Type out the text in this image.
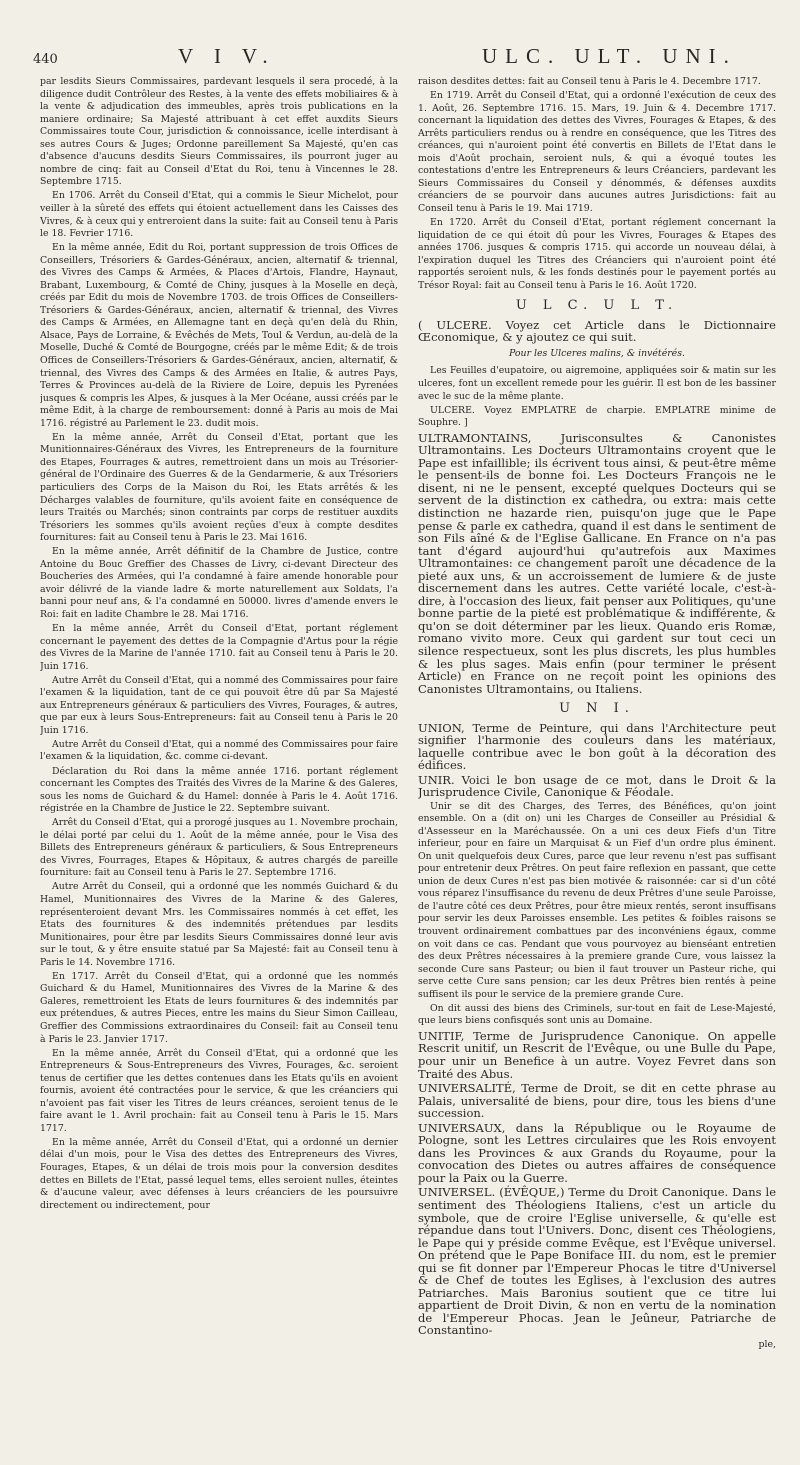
440	V I V.	ULC. ULT. UNI.

par lesdits Sieurs Commissaires, pardevant lesquels il sera procedé, à la diligence dudit Contrôleur des Restes, à la vente des effets mobiliaires & à la vente & adjudication des immeubles, après trois publications en la maniere ordinaire; Sa Majesté attribuant à cet effet auxdits Sieurs Commissaires toute Cour, jurisdiction & connoissance, icelle interdisant à ses autres Cours & Juges; Ordonne pareillement Sa Majesté, qu'en cas d'absence d'aucuns desdits Sieurs Commissaires, ils pourront juger au nombre de cinq: fait au Conseil d'Etat du Roi, tenu à Vincennes le 28. Septembre 1715.

En 1706. Arrêt du Conseil d'Etat, qui a commis le Sieur Michelot, pour veiller à la sûreté des effets qui étoient actuellement dans les Caisses des Vivres, & à ceux qui y entreroient dans la suite: fait au Conseil tenu à Paris le 18. Fevrier 1716.

En la même année, Edit du Roi, portant suppression de trois Offices de Conseillers, Trésoriers & Gardes-Généraux, ancien, alternatif & triennal, des Vivres des Camps & Armées, & Places d'Artois, Flandre, Haynaut, Brabant, Luxembourg, & Comté de Chiny, jusques à la Moselle en deçà, créés par Edit du mois de Novembre 1703. de trois Offices de Conseillers-Trésoriers & Gardes-Généraux, ancien, alternatif & triennal, des Vivres des Camps & Armées, en Allemagne tant en deçà qu'en delà du Rhin, Alsace, Pays de Lorraine, & Evêchés de Mets, Toul & Verdun, au-delà de la Moselle, Duché & Comté de Bourgogne, créés par le même Edit; & de trois Offices de Conseillers-Trésoriers & Gardes-Généraux, ancien, alternatif, & triennal, des Vivres des Camps & des Armées en Italie, & autres Pays, Terres & Provinces au-delà de la Riviere de Loire, depuis les Pyrenées jusques & compris les Alpes, & jusques à la Mer Océane, aussi créés par le même Edit, à la charge de remboursement: donné à Paris au mois de Mai 1716. régistré au Parlement le 23. dudit mois.

En la même année, Arrêt du Conseil d'Etat, portant que les Munitionnaires-Généraux des Vivres, les Entrepreneurs de la fourniture des Etapes, Fourrages & autres, remettroient dans un mois au Trésorier-général de l'Ordinaire des Guerres & de la Gendarmerie, & aux Trésoriers particuliers des Corps de la Maison du Roi, les Etats arrêtés & les Décharges valables de fourniture, qu'ils avoient faite en conséquence de leurs Traités ou Marchés; sinon contraints par corps de restituer auxdits Trésoriers les sommes qu'ils avoient reçûes d'eux à compte desdites fournitures: fait au Conseil tenu à Paris le 23. Mai 1616.

En la même année, Arrêt définitif de la Chambre de Justice, contre Antoine du Bouc Greffier des Chasses de Livry, ci-devant Directeur des Boucheries des Armées, qui l'a condamné à faire amende honorable pour avoir délivré de la viande ladre & morte naturellement aux Soldats, l'a banni pour neuf ans, & l'a condamné en 50000. livres d'amende envers le Roi: fait en ladite Chambre le 28. Mai 1716.

En la même année, Arrêt du Conseil d'Etat, portant réglement concernant le payement des dettes de la Compagnie d'Artus pour la régie des Vivres de la Marine de l'année 1710. fait au Conseil tenu à Paris le 20. Juin 1716.

Autre Arrêt du Conseil d'Etat, qui a nommé des Commissaires pour faire l'examen & la liquidation, tant de ce qui pouvoit être dû par Sa Majesté aux Entrepreneurs généraux & particuliers des Vivres, Fourages, & autres, que par eux à leurs Sous-Entrepreneurs: fait au Conseil tenu à Paris le 20 Juin 1716.

Autre Arrêt du Conseil d'Etat, qui a nommé des Commissaires pour faire l'examen & la liquidation, &c. comme ci-devant.

Déclaration du Roi dans la même année 1716. portant réglement concernant les Comptes des Traités des Vivres de la Marine & des Galeres, sous les noms de Guichard & du Hamel: donnée à Paris le 4. Août 1716. régistrée en la Chambre de Justice le 22. Septembre suivant.

Arrêt du Conseil d'Etat, qui a prorogé jusques au 1. Novembre prochain, le délai porté par celui du 1. Août de la même année, pour le Visa des Billets des Entrepreneurs généraux & particuliers, & Sous Entrepreneurs des Vivres, Fourrages, Etapes & Hôpitaux, & autres chargés de pareille fourniture: fait au Conseil tenu à Paris le 27. Septembre 1716.

Autre Arrêt du Conseil, qui a ordonné que les nommés Guichard & du Hamel, Munitionnaires des Vivres de la Marine & des Galeres, représenteroient devant Mrs. les Commissaires nommés à cet effet, les Etats des fournitures & des indemnités prétendues par lesdits Munitionaires, pour être par lesdits Sieurs Commissaires donné leur avis sur le tout, & y être ensuite statué par Sa Majesté: fait au Conseil tenu à Paris le 14. Novembre 1716.

En 1717. Arrêt du Conseil d'Etat, qui a ordonné que les nommés Guichard & du Hamel, Munitionnaires des Vivres de la Marine & des Galeres, remettroient les Etats de leurs fournitures & des indemnités par eux prétendues, & autres Pieces, entre les mains du Sieur Simon Cailleau, Greffier des Commissions extraordinaires du Conseil: fait au Conseil tenu à Paris le 23. Janvier 1717.

En la même année, Arrêt du Conseil d'Etat, qui a ordonné que les Entrepreneurs & Sous-Entrepreneurs des Vivres, Fourages, &c. seroient tenus de certifier que les dettes contenues dans les Etats qu'ils en avoient fournis, avoient été contractées pour le service, & que les créanciers qui n'avoient pas fait viser les Titres de leurs créances, seroient tenus de le faire avant le 1. Avril prochain: fait au Conseil tenu à Paris le 15. Mars 1717.

En la même année, Arrêt du Conseil d'Etat, qui a ordonné un dernier délai d'un mois, pour le Visa des dettes des Entrepreneurs des Vivres, Fourages, Etapes, & un délai de trois mois pour la conversion desdites dettes en Billets de l'Etat, passé lequel tems, elles seroient nulles, éteintes & d'aucune valeur, avec défenses à leurs créanciers de les poursuivre directement ou indirectement, pour

raison desdites dettes: fait au Conseil tenu à Paris le 4. Decembre 1717.

En 1719. Arrêt du Conseil d'Etat, qui a ordonné l'exécution de ceux des 1. Août, 26. Septembre 1716. 15. Mars, 19. Juin & 4. Decembre 1717. concernant la liquidation des dettes des Vivres, Fourages & Etapes, & des Arrêts particuliers rendus ou à rendre en conséquence, que les Titres des créances, qui n'auroient point été convertis en Billets de l'Etat dans le mois d'Août prochain, seroient nuls, & qui a évoqué toutes les contestations d'entre les Entrepreneurs & leurs Créanciers, pardevant les Sieurs Commissaires du Conseil y dénommés, & défenses auxdits créanciers de se pourvoir dans aucunes autres Jurisdictions: fait au Conseil tenu à Paris le 19. Mai 1719.

En 1720. Arrêt du Conseil d'Etat, portant réglement concernant la liquidation de ce qui étoit dû pour les Vivres, Fourages & Etapes des années 1706. jusques & compris 1715. qui accorde un nouveau délai, à l'expiration duquel les Titres des Créanciers qui n'auroient point été rapportés seroient nuls, & les fonds destinés pour le payement portés au Trésor Royal: fait au Conseil tenu à Paris le 16. Août 1720.

U L C. U L T.

( ULCERE. Voyez cet Article dans le Dictionnaire Œconomique, & y ajoutez ce qui suit.

Pour les Ulceres malins, & invétérés.

Les Feuilles d'eupatoire, ou aigremoine, appliquées soir & matin sur les ulceres, font un excellent remede pour les guérir. Il est bon de les bassiner avec le suc de la même plante.

ULCERE. Voyez EMPLATRE de charpie. EMPLATRE minime de Souphre. ]

ULTRAMONTAINS, Jurisconsultes & Canonistes Ultramontains. Les Docteurs Ultramontains croyent que le Pape est infaillible; ils écrivent tous ainsi, & peut-être même le pensent-ils de bonne foi. Les Docteurs François ne le disent, ni ne le pensent, excepté quelques Docteurs qui se servent de la distinction ex cathedra, ou extra: mais cette distinction ne hazarde rien, puisqu'on juge que le Pape pense & parle ex cathedra, quand il est dans le sentiment de son Fils aîné & de l'Eglise Gallicane. En France on n'a pas tant d'égard aujourd'hui qu'autrefois aux Maximes Ultramontaines: ce changement paroît une décadence de la pieté aux uns, & un accroissement de lumiere & de juste discernement dans les autres. Cette variété locale, c'est-à-dire, à l'occasion des lieux, fait penser aux Politiques, qu'une bonne partie de la pieté est problématique & indifférente, & qu'on se doit déterminer par les lieux. Quando eris Romæ, romano vivito more. Ceux qui gardent sur tout ceci un silence respectueux, sont les plus discrets, les plus humbles & les plus sages. Mais enfin (pour terminer le présent Article) en France on ne reçoit point les opinions des Canonistes Ultramontains, ou Italiens.

U N I.

UNION, Terme de Peinture, qui dans l'Architecture peut signifier l'harmonie des couleurs dans les matériaux, laquelle contribue avec le bon goût à la décoration des édifices.

UNIR. Voici le bon usage de ce mot, dans le Droit & la Jurisprudence Civile, Canonique & Féodale.

Unir se dit des Charges, des Terres, des Bénéfices, qu'on joint ensemble. On a (dit on) uni les Charges de Conseiller au Présidial & d'Assesseur en la Maréchaussée. On a uni ces deux Fiefs d'un Titre inferieur, pour en faire un Marquisat & un Fief d'un ordre plus éminent. On unit quelquefois deux Cures, parce que leur revenu n'est pas suffisant pour entretenir deux Prêtres. On peut faire reflexion en passant, que cette union de deux Cures n'est pas bien motivée & raisonnée: car si d'un côté vous réparez l'insuffisance du revenu de deux Prêtres d'une seule Paroisse, de l'autre côté ces deux Prêtres, pour être mieux rentés, seront insuffisans pour servir les deux Paroisses ensemble. Les petites & foibles raisons se trouvent ordinairement combattues par des inconvéniens égaux, comme on voit dans ce cas. Pendant que vous pourvoyez au bienséant entretien des deux Prêtres nécessaires à la premiere grande Cure, vous laissez la seconde Cure sans Pasteur; ou bien il faut trouver un Pasteur riche, qui serve cette Cure sans pension; car les deux Prêtres bien rentés à peine suffisent ils pour le service de la premiere grande Cure.

On dit aussi des biens des Criminels, sur-tout en fait de Lese-Majesté, que leurs biens confisqués sont unis au Domaine.

UNITIF, Terme de Jurisprudence Canonique. On appelle Rescrit unitif, un Rescrit de l'Evêque, ou une Bulle du Pape, pour unir un Benefice à un autre. Voyez Fevret dans son Traité des Abus.

UNIVERSALITÉ, Terme de Droit, se dit en cette phrase au Palais, universalité de biens, pour dire, tous les biens d'une succession.

UNIVERSAUX, dans la République ou le Royaume de Pologne, sont les Lettres circulaires que les Rois envoyent dans les Provinces & aux Grands du Royaume, pour la convocation des Dietes ou autres affaires de conséquence pour la Paix ou la Guerre.

UNIVERSEL. (ÉVÊQUE,) Terme du Droit Canonique. Dans le sentiment des Théologiens Italiens, c'est un article du symbole, que de croire l'Eglise universelle, & qu'elle est répandue dans tout l'Univers. Donc, disent ces Théologiens, le Pape qui y préside comme Evêque, est l'Evêque universel. On prétend que le Pape Boniface III. du nom, est le premier qui se fit donner par l'Empereur Phocas le titre d'Universel & de Chef de toutes les Eglises, à l'exclusion des autres Patriarches. Mais Baronius soutient que ce titre lui appartient de Droit Divin, & non en vertu de la nomination de l'Empereur Phocas. Jean le Jeûneur, Patriarche de Constantino-

ple,
